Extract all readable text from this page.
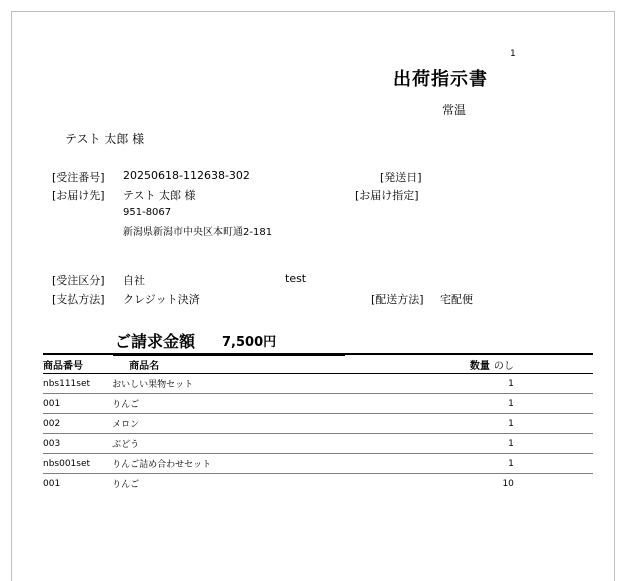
1
出荷指示書
常温
テスト 太郎 様
[受注番号] 20250618-112638-302	[発送日]
[お届け先] テスト 太郎 様	[お届け指定]
951-8067
新潟県新潟市中央区本町通2-181
[受注区分] 自社	test
[支払方法] クレジット決済	[配送方法] 宅配便
ご請求金額 7,500円
商品番号	商品名	数量 のし	
nbs111set	おいしい果物セット	1	
001	りんご	1	
002	メロン	1	
003	ぶどう	1	
nbs001set	りんご詰め合わせセット	1	
001	りんご	10	
